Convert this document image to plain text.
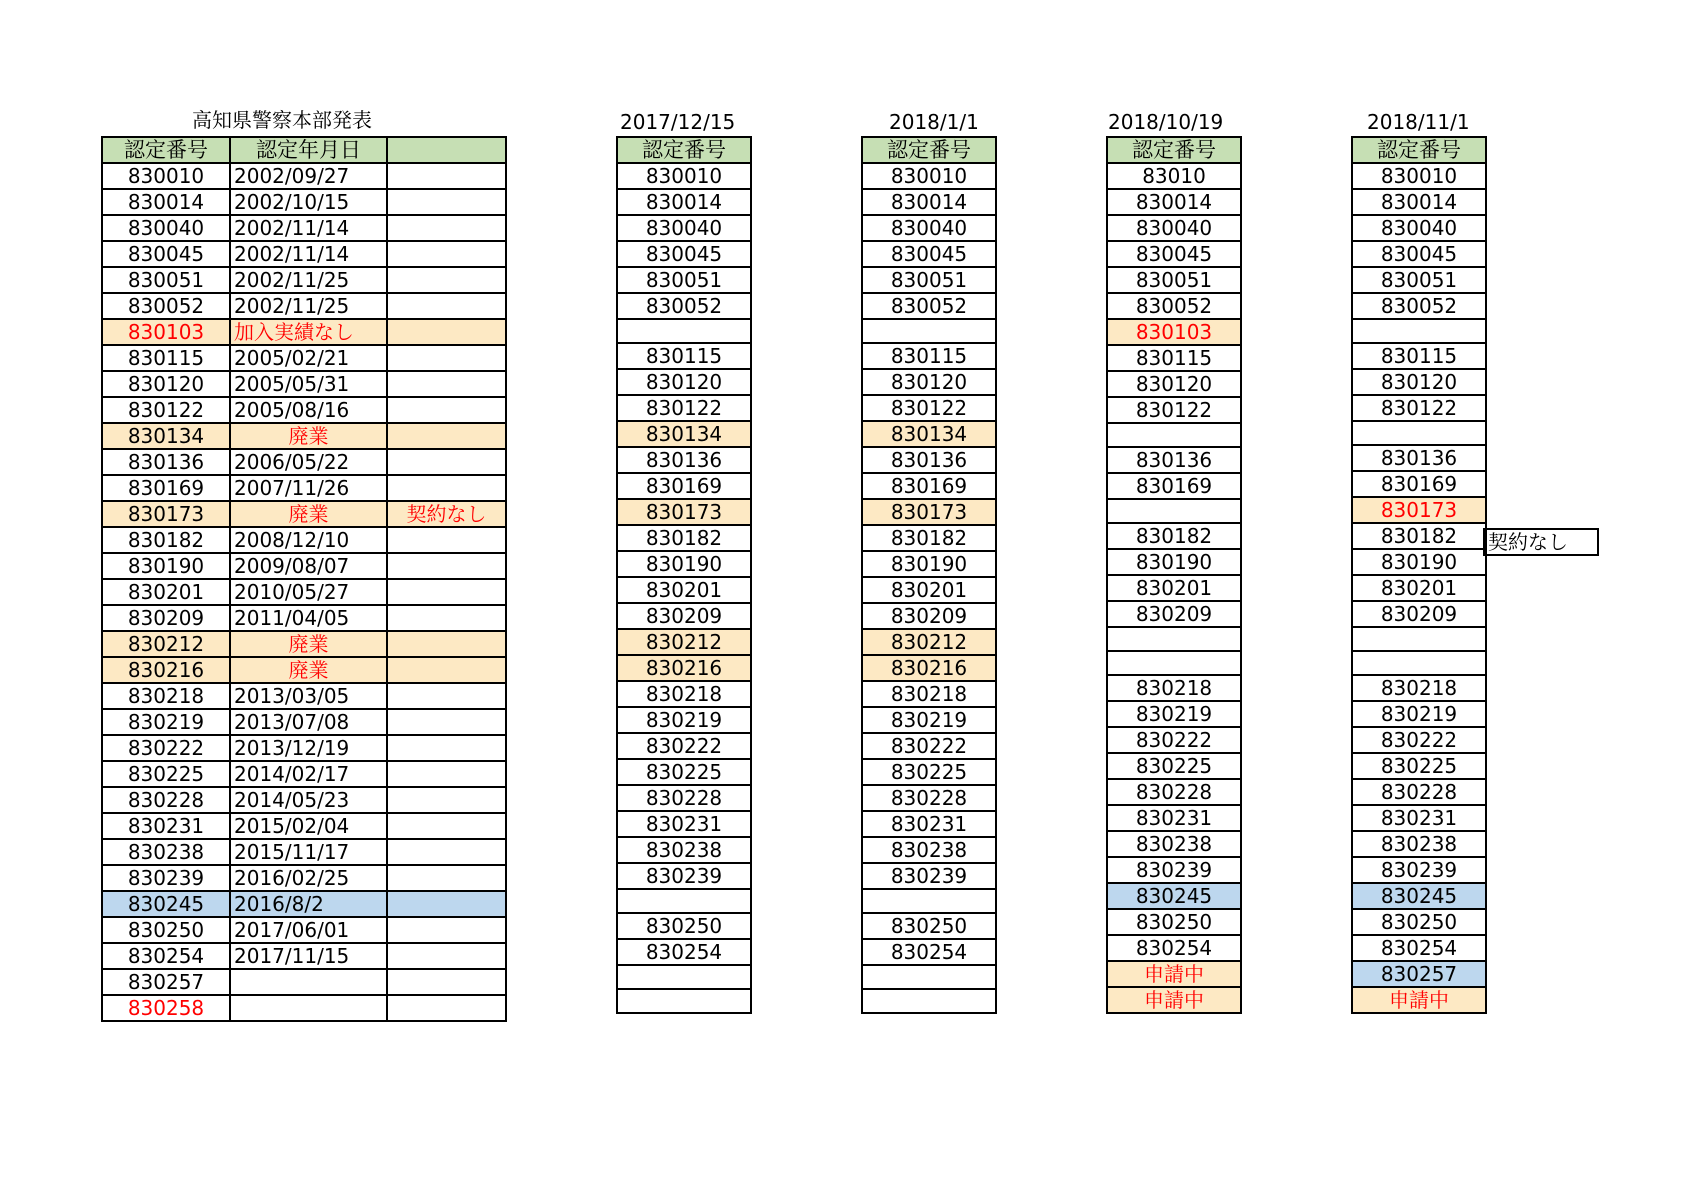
高知県警察本部発表
認定番号	認定年月日	
830010	2002/09/27	
830014	2002/10/15	
830040	2002/11/14	
830045	2002/11/14	
830051	2002/11/25	
830052	2002/11/25	
830103	加入実績なし	
830115	2005/02/21	
830120	2005/05/31	
830122	2005/08/16	
830134	廃業	
830136	2006/05/22	
830169	2007/11/26	
830173	廃業	契約なし
830182	2008/12/10	
830190	2009/08/07	
830201	2010/05/27	
830209	2011/04/05	
830212	廃業	
830216	廃業	
830218	2013/03/05	
830219	2013/07/08	
830222	2013/12/19	
830225	2014/02/17	
830228	2014/05/23	
830231	2015/02/04	
830238	2015/11/17	
830239	2016/02/25	
830245	2016/8/2	
830250	2017/06/01	
830254	2017/11/15	
830257		
830258		
2017/12/15
認定番号
830010
830014
830040
830045
830051
830052

830115
830120
830122
830134
830136
830169
830173
830182
830190
830201
830209
830212
830216
830218
830219
830222
830225
830228
830231
830238
830239

830250
830254

2018/1/1
認定番号
830010
830014
830040
830045
830051
830052

830115
830120
830122
830134
830136
830169
830173
830182
830190
830201
830209
830212
830216
830218
830219
830222
830225
830228
830231
830238
830239

830250
830254

2018/10/19
認定番号
83010
830014
830040
830045
830051
830052
830103
830115
830120
830122

830136
830169

830182
830190
830201
830209

830218
830219
830222
830225
830228
830231
830238
830239
830245
830250
830254
申請中
申請中
2018/11/1
認定番号
830010
830014
830040
830045
830051
830052

830115
830120
830122

830136
830169
830173
830182
830190
830201
830209

830218
830219
830222
830225
830228
830231
830238
830239
830245
830250
830254
830257
申請中
契約なし
